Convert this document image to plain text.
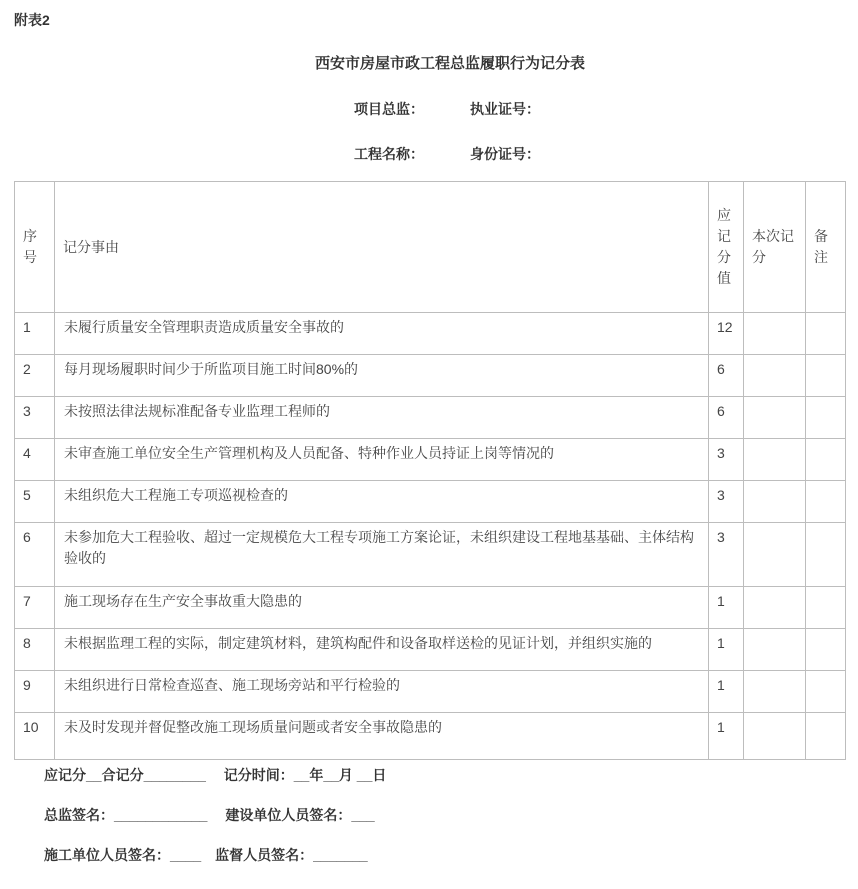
附表2
西安市房屋市政工程总监履职行为记分表
项目总监：	执业证号：
工程名称：	身份证号：
序号	记分事由	应记 分值	本次记分	备注
1	未履行质量安全管理职责造成质量安全事故的	12		
2	每月现场履职时间少于所监项目施工时间80%的	6		
3	未按照法律法规标准配备专业监理工程师的	6		
4	未审查施工单位安全生产管理机构及人员配备、特种作业人员持证上岗等情况的	3		
5	未组织危大工程施工专项巡视检查的	3		
6	未参加危大工程验收、超过一定规模危大工程专项施工方案论证，未组织建设工程地基基础、主体结构验收的	3		
7	施工现场存在生产安全事故重大隐患的	1		
8	未根据监理工程的实际，制定建筑材料，建筑构配件和设备取样送检的见证计划，并组织实施的	1		
9	未组织进行日常检查巡查、施工现场旁站和平行检验的	1		
10	未及时发现并督促整改施工现场质量问题或者安全事故隐患的	1		
应记分__合记分________　 记分时间：__年__月 __日
总监签名：____________　 建设单位人员签名：___
施工单位人员签名：____　监督人员签名：_______
